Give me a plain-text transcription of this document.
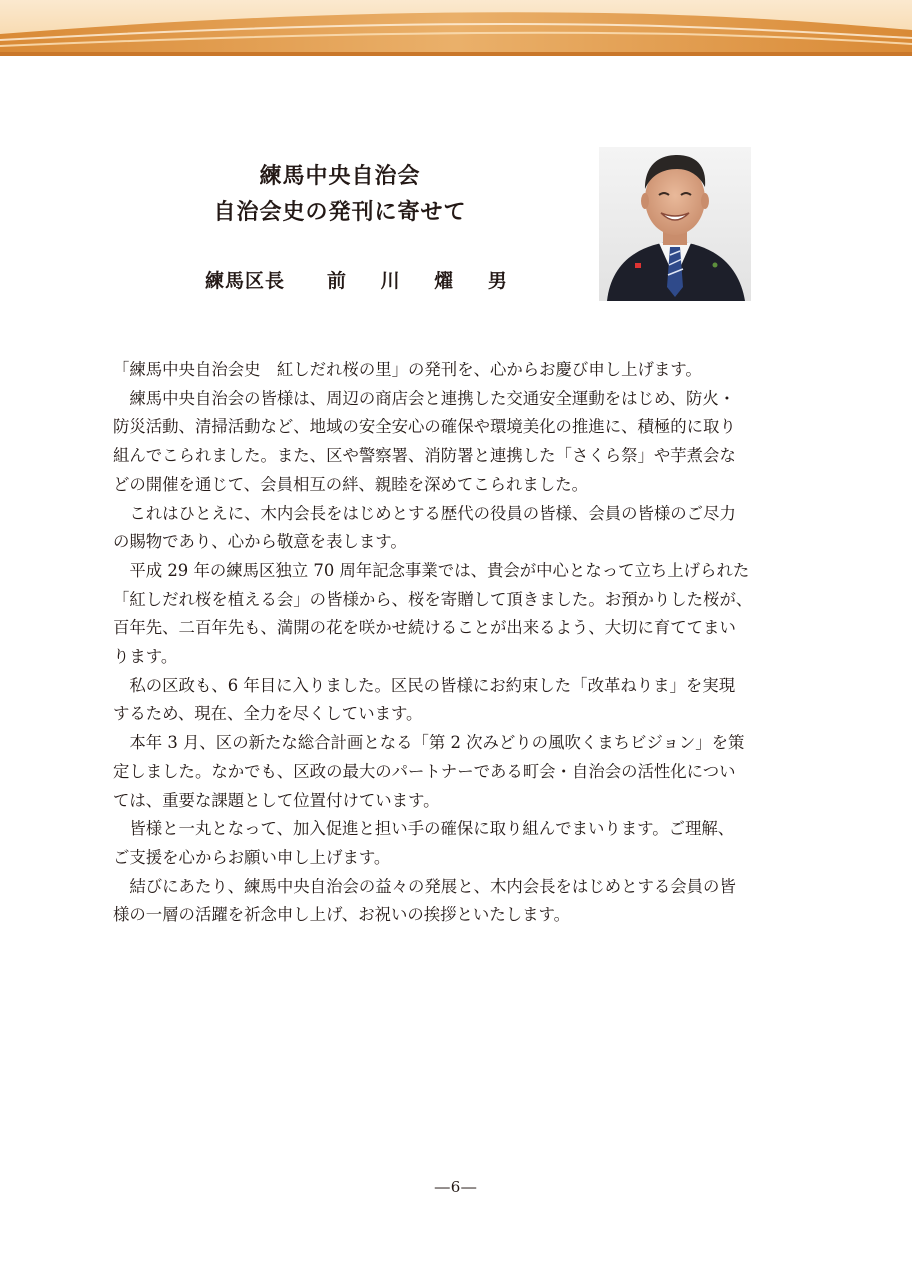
練馬中央自治会
自治会史の発刊に寄せて
練馬区長 前 川 燿 男
「練馬中央自治会史　紅しだれ桜の里」の発刊を、心からお慶び申し上げます。
　練馬中央自治会の皆様は、周辺の商店会と連携した交通安全運動をはじめ、防火・
防災活動、清掃活動など、地域の安全安心の確保や環境美化の推進に、積極的に取り
組んでこられました。また、区や警察署、消防署と連携した「さくら祭」や芋煮会な
どの開催を通じて、会員相互の絆、親睦を深めてこられました。
　これはひとえに、木内会長をはじめとする歴代の役員の皆様、会員の皆様のご尽力
の賜物であり、心から敬意を表します。
　平成 29 年の練馬区独立 70 周年記念事業では、貴会が中心となって立ち上げられた
「紅しだれ桜を植える会」の皆様から、桜を寄贈して頂きました。お預かりした桜が、
百年先、二百年先も、満開の花を咲かせ続けることが出来るよう、大切に育ててまい
ります。
　私の区政も、6 年目に入りました。区民の皆様にお約束した「改革ねりま」を実現
するため、現在、全力を尽くしています。
　本年 3 月、区の新たな総合計画となる「第 2 次みどりの風吹くまちビジョン」を策
定しました。なかでも、区政の最大のパートナーである町会・自治会の活性化につい
ては、重要な課題として位置付けています。
　皆様と一丸となって、加入促進と担い手の確保に取り組んでまいります。ご理解、
ご支援を心からお願い申し上げます。
　結びにあたり、練馬中央自治会の益々の発展と、木内会長をはじめとする会員の皆
様の一層の活躍を祈念申し上げ、お祝いの挨拶といたします。
―6―
